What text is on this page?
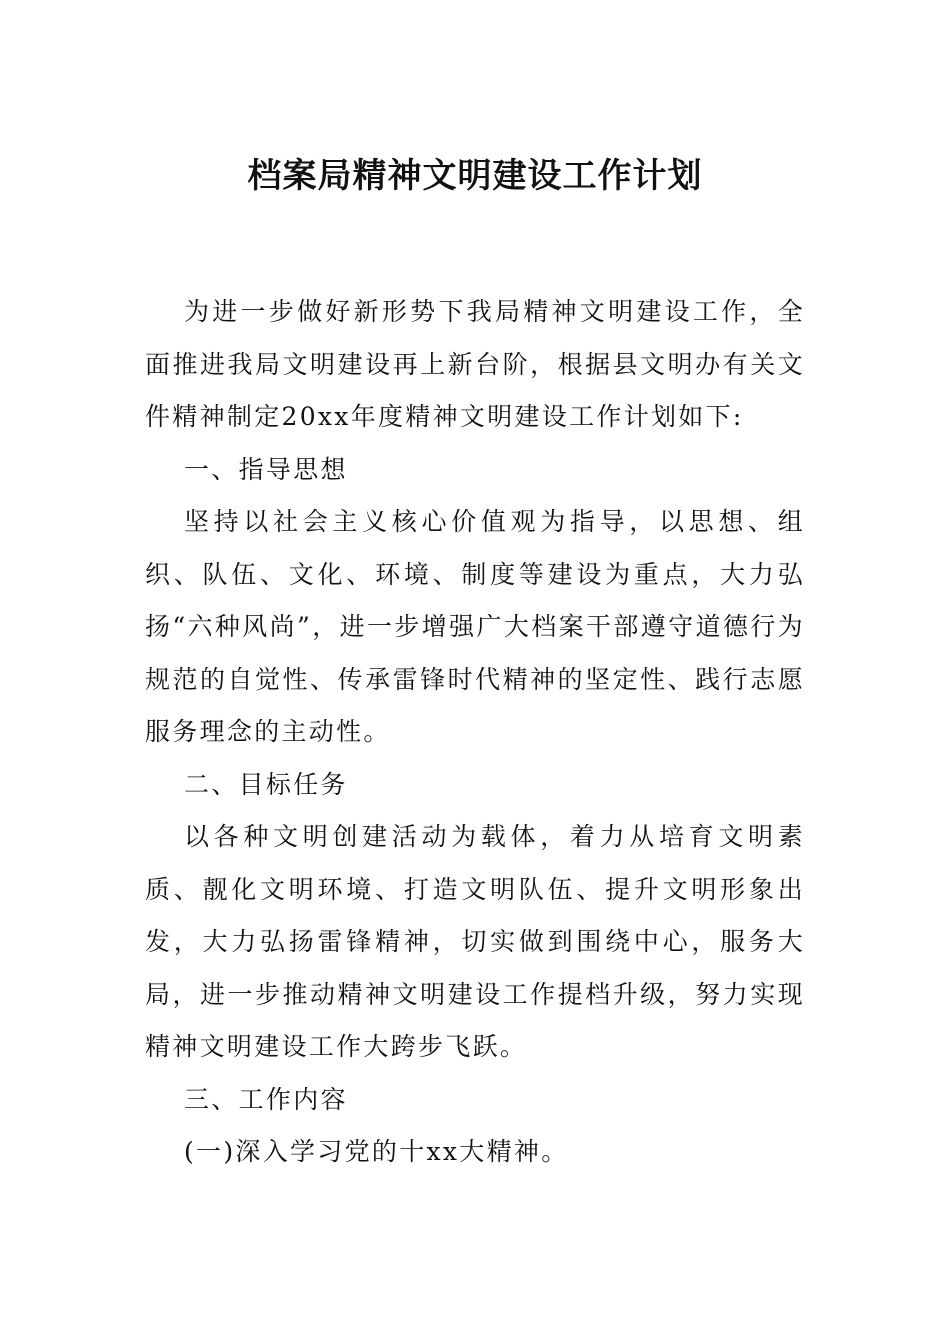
档案局精神文明建设工作计划

为进一步做好新形势下我局精神文明建设工作，全面推进我局文明建设再上新台阶，根据县文明办有关文件精神制定20xx年度精神文明建设工作计划如下:

一、指导思想

坚持以社会主义核心价值观为指导，以思想、组织、队伍、文化、环境、制度等建设为重点，大力弘扬“六种风尚”，进一步增强广大档案干部遵守道德行为规范的自觉性、传承雷锋时代精神的坚定性、践行志愿服务理念的主动性。

二、目标任务

以各种文明创建活动为载体，着力从培育文明素质、靓化文明环境、打造文明队伍、提升文明形象出发，大力弘扬雷锋精神，切实做到围绕中心，服务大局，进一步推动精神文明建设工作提档升级，努力实现精神文明建设工作大跨步飞跃。

三、工作内容

(一)深入学习党的十xx大精神。
